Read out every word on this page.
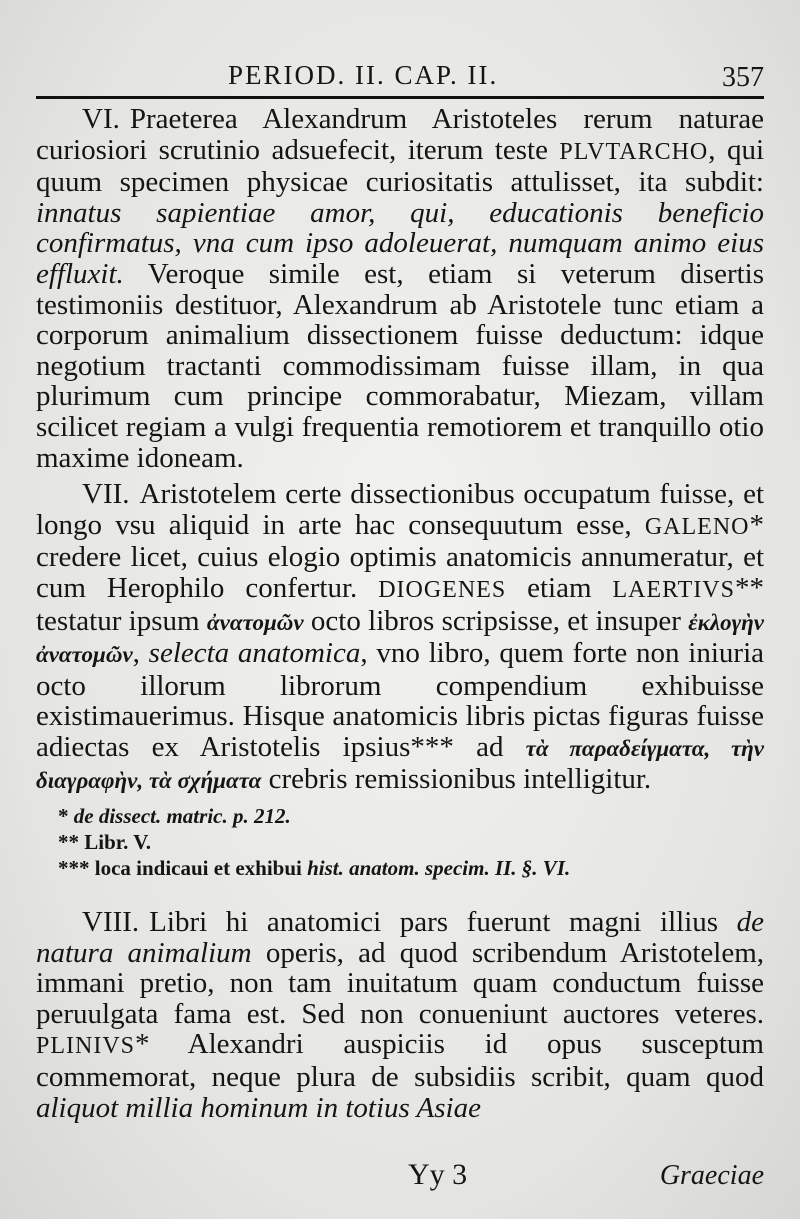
PERIOD. II. CAP. II.	357

VI. Praeterea Alexandrum Aristoteles rerum naturae curiosiori scrutinio adsuefecit, iterum teste PLVTARCHO, qui quum specimen physicae curiositatis attulisset, ita subdit: innatus sapientiae amor, qui, educationis beneficio confirmatus, vna cum ipso adoleuerat, numquam animo eius effluxit. Veroque simile est, etiam si veterum disertis testimoniis destituor, Alexandrum ab Aristotele tunc etiam a corporum animalium dissectionem fuisse deductum: idque negotium tractanti commodissimam fuisse illam, in qua plurimum cum principe commorabatur, Miezam, villam scilicet regiam a vulgi frequentia remotiorem et tranquillo otio maxime idoneam.

VII. Aristotelem certe dissectionibus occupatum fuisse, et longo vsu aliquid in arte hac consequutum esse, GALENO* credere licet, cuius elogio optimis anatomicis annumeratur, et cum Herophilo confertur. DIOGENES etiam LAERTIVS** testatur ipsum ἀνατομῶν octo libros scripsisse, et insuper ἐκλογὴν ἀνατομῶν, selecta anatomica, vno libro, quem forte non iniuria octo illorum librorum compendium exhibuisse existimauerimus. Hisque anatomicis libris pictas figuras fuisse adiectas ex Aristotelis ipsius*** ad τὰ παραδείγματα, τὴν διαγραφὴν, τὰ σχήματα crebris remissionibus intelligitur.

* de dissect. matric. p. 212.
** Libr. V.
*** loca indicaui et exhibui hist. anatom. specim. II. §. VI.

VIII. Libri hi anatomici pars fuerunt magni illius de natura animalium operis, ad quod scribendum Aristotelem, immani pretio, non tam inuitatum quam conductum fuisse peruulgata fama est. Sed non conueniunt auctores veteres. PLINIVS* Alexandri auspiciis id opus susceptum commemorat, neque plura de subsidiis scribit, quam quod aliquot millia hominum in totius Asiae

Yy 3	Graeciae
